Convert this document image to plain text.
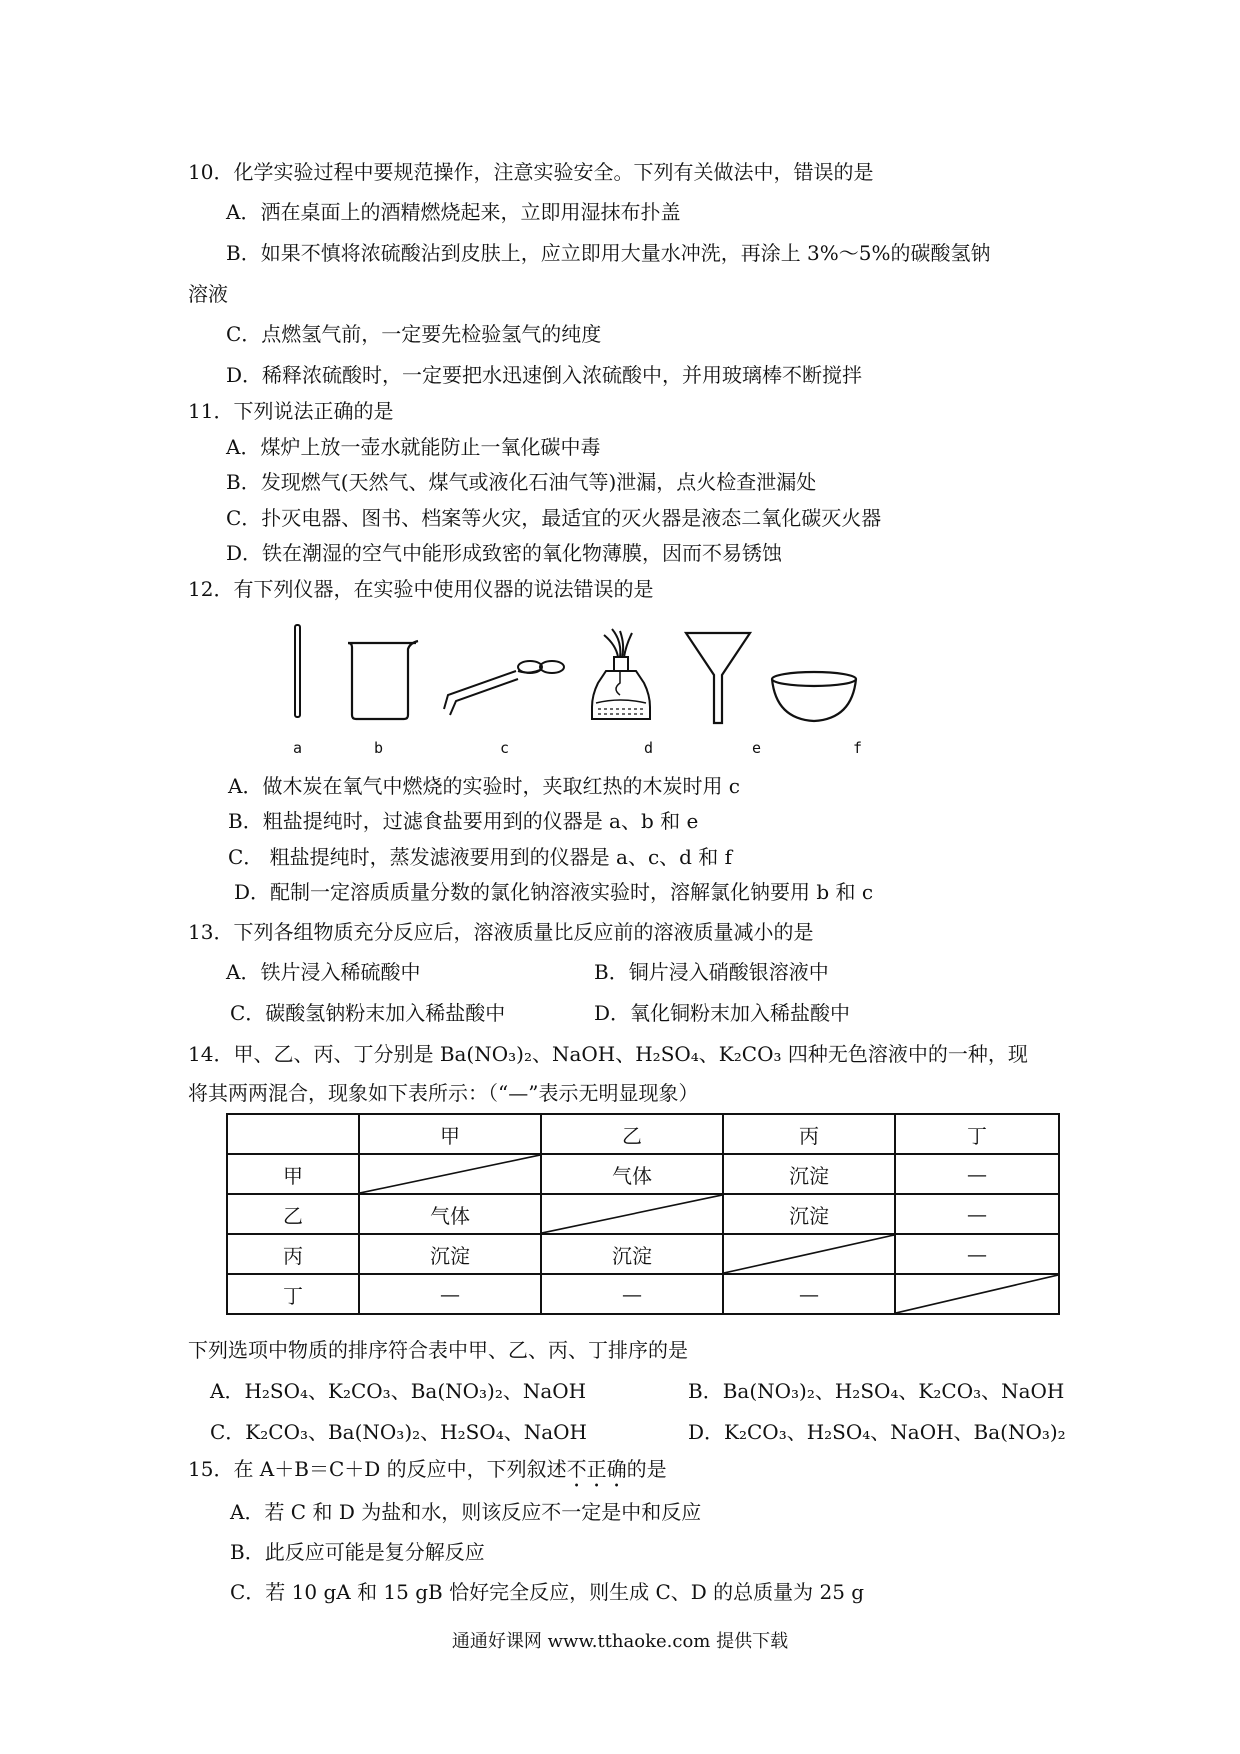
10．化学实验过程中要规范操作，注意实验安全。下列有关做法中，错误的是
A．洒在桌面上的酒精燃烧起来，立即用湿抹布扑盖
B．如果不慎将浓硫酸沾到皮肤上，应立即用大量水冲洗，再涂上 3%～5%的碳酸氢钠
溶液
C．点燃氢气前，一定要先检验氢气的纯度
D．稀释浓硫酸时，一定要把水迅速倒入浓硫酸中，并用玻璃棒不断搅拌
11．下列说法正确的是
A．煤炉上放一壶水就能防止一氧化碳中毒
B．发现燃气(天然气、煤气或液化石油气等)泄漏，点火检查泄漏处
C．扑灭电器、图书、档案等火灾，最适宜的灭火器是液态二氧化碳灭火器
D．铁在潮湿的空气中能形成致密的氧化物薄膜，因而不易锈蚀
12．有下列仪器，在实验中使用仪器的说法错误的是
a	b	c	d	e	f
A．做木炭在氧气中燃烧的实验时，夹取红热的木炭时用 c
B．粗盐提纯时，过滤食盐要用到的仪器是 a、b 和 e
C． 粗盐提纯时，蒸发滤液要用到的仪器是 a、c、d 和 f
D．配制一定溶质质量分数的氯化钠溶液实验时，溶解氯化钠要用 b 和 c
13．下列各组物质充分反应后，溶液质量比反应前的溶液质量减小的是
A．铁片浸入稀硫酸中	B．铜片浸入硝酸银溶液中
C．碳酸氢钠粉末加入稀盐酸中	D．氧化铜粉末加入稀盐酸中
14．甲、乙、丙、丁分别是 Ba(NO₃)₂、NaOH、H₂SO₄、K₂CO₃ 四种无色溶液中的一种，现
将其两两混合，现象如下表所示：（“—”表示无明显现象）
	甲	乙	丙	丁
甲		气体	沉淀	—
乙	气体		沉淀	—
丙	沉淀	沉淀		—
丁	—	—	—	
下列选项中物质的排序符合表中甲、乙、丙、丁排序的是
A．H₂SO₄、K₂CO₃、Ba(NO₃)₂、NaOH	B．Ba(NO₃)₂、H₂SO₄、K₂CO₃、NaOH
C．K₂CO₃、Ba(NO₃)₂、H₂SO₄、NaOH	D．K₂CO₃、H₂SO₄、NaOH、Ba(NO₃)₂
15．在 A＋B＝C＋D 的反应中，下列叙述不正确的是
A．若 C 和 D 为盐和水，则该反应不一定是中和反应
B．此反应可能是复分解反应
C．若 10 gA 和 15 gB 恰好完全反应，则生成 C、D 的总质量为 25 g
通通好课网 www.tthaoke.com 提供下载
